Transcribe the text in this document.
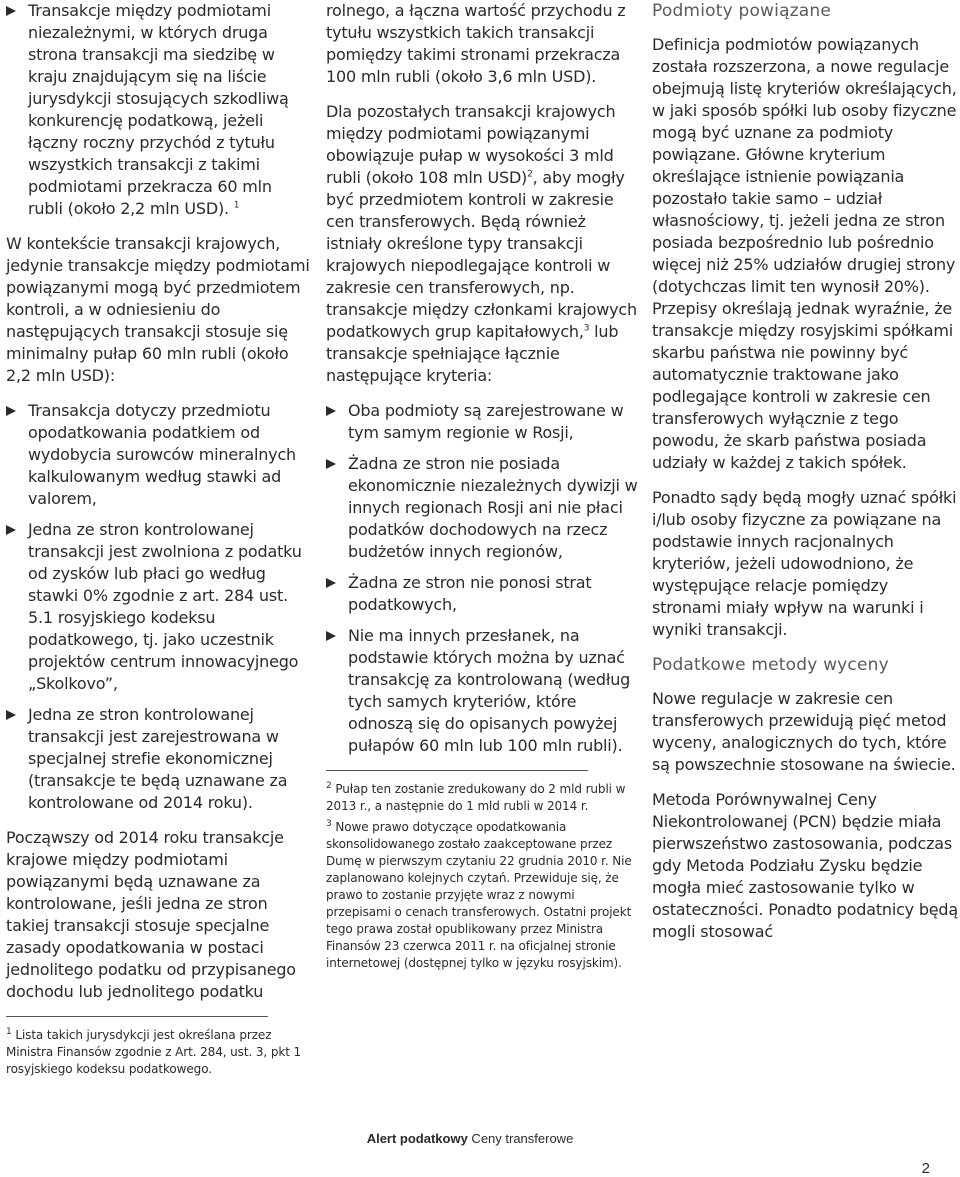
Transakcje między podmiotami niezależnymi, w których druga strona transakcji ma siedzibę w kraju znajdującym się na liście jurysdykcji stosujących szkodliwą konkurencję podatkową, jeżeli łączny roczny przychód z tytułu wszystkich transakcji z takimi podmiotami przekracza 60 mln rubli (około 2,2 mln USD). $^1$

W kontekście transakcji krajowych, jedynie transakcje między podmiotami powiązanymi mogą być przedmiotem kontroli, a w odniesieniu do następujących transakcji stosuje się minimalny pułap 60 mln rubli (około 2,2 mln USD):

Transakcja dotyczy przedmiotu opodatkowania podatkiem od wydobycia surowców mineralnych kalkulowanym według stawki ad valorem,
Jedna ze stron kontrolowanej transakcji jest zwolniona z podatku od zysków lub płaci go według stawki 0% zgodnie z art. 284 ust. 5.1 rosyjskiego kodeksu podatkowego, tj. jako uczestnik projektów centrum innowacyjnego „Skolkovo”,
Jedna ze stron kontrolowanej transakcji jest zarejestrowana w specjalnej strefie ekonomicznej (transakcje te będą uznawane za kontrolowane od 2014 roku).

Począwszy od 2014 roku transakcje krajowe między podmiotami powiązanymi będą uznawane za kontrolowane, jeśli jedna ze stron takiej transakcji stosuje specjalne zasady opodatkowania w postaci jednolitego podatku od przypisanego dochodu lub jednolitego podatku

$^1$ Lista takich jurysdykcji jest określana przez Ministra Finansów zgodnie z Art. 284, ust. 3, pkt 1 rosyjskiego kodeksu podatkowego.

rolnego, a łączna wartość przychodu z tytułu wszystkich takich transakcji pomiędzy takimi stronami przekracza 100 mln rubli (około 3,6 mln USD).

Dla pozostałych transakcji krajowych między podmiotami powiązanymi obowiązuje pułap w wysokości 3 mld rubli (około 108 mln USD)$^2$, aby mogły być przedmiotem kontroli w zakresie cen transferowych. Będą również istniały określone typy transakcji krajowych niepodlegające kontroli w zakresie cen transferowych, np. transakcje między członkami krajowych podatkowych grup kapitałowych,$^3$ lub transakcje spełniające łącznie następujące kryteria:

Oba podmioty są zarejestrowane w tym samym regionie w Rosji,
Żadna ze stron nie posiada ekonomicznie niezależnych dywizji w innych regionach Rosji ani nie płaci podatków dochodowych na rzecz budżetów innych regionów,
Żadna ze stron nie ponosi strat podatkowych,
Nie ma innych przesłanek, na podstawie których można by uznać transakcję za kontrolowaną (według tych samych kryteriów, które odnoszą się do opisanych powyżej pułapów 60 mln lub 100 mln rubli).

$^2$ Pułap ten zostanie zredukowany do 2 mld rubli w 2013 r., a następnie do 1 mld rubli w 2014 r.

$^3$ Nowe prawo dotyczące opodatkowania skonsolidowanego zostało zaakceptowane przez Dumę w pierwszym czytaniu 22 grudnia 2010 r. Nie zaplanowano kolejnych czytań. Przewiduje się, że prawo to zostanie przyjęte wraz z nowymi przepisami o cenach transferowych. Ostatni projekt tego prawa został opublikowany przez Ministra Finansów 23 czerwca 2011 r. na oficjalnej stronie internetowej (dostępnej tylko w języku rosyjskim).

Podmioty powiązane

Definicja podmiotów powiązanych została rozszerzona, a nowe regulacje obejmują listę kryteriów określających, w jaki sposób spółki lub osoby fizyczne mogą być uznane za podmioty powiązane. Główne kryterium określające istnienie powiązania pozostało takie samo – udział własnościowy, tj. jeżeli jedna ze stron posiada bezpośrednio lub pośrednio więcej niż 25% udziałów drugiej strony (dotychczas limit ten wynosił 20%). Przepisy określają jednak wyraźnie, że transakcje między rosyjskimi spółkami skarbu państwa nie powinny być automatycznie traktowane jako podlegające kontroli w zakresie cen transferowych wyłącznie z tego powodu, że skarb państwa posiada udziały w każdej z takich spółek.

Ponadto sądy będą mogły uznać spółki i/lub osoby fizyczne za powiązane na podstawie innych racjonalnych kryteriów, jeżeli udowodniono, że występujące relacje pomiędzy stronami miały wpływ na warunki i wyniki transakcji.

Podatkowe metody wyceny

Nowe regulacje w zakresie cen transferowych przewidują pięć metod wyceny, analogicznych do tych, które są powszechnie stosowane na świecie.

Metoda Porównywalnej Ceny Niekontrolowanej (PCN) będzie miała pierwszeństwo zastosowania, podczas gdy Metoda Podziału Zysku będzie mogła mieć zastosowanie tylko w ostateczności. Ponadto podatnicy będą mogli stosować

Alert podatkowy Ceny transferowe
2
